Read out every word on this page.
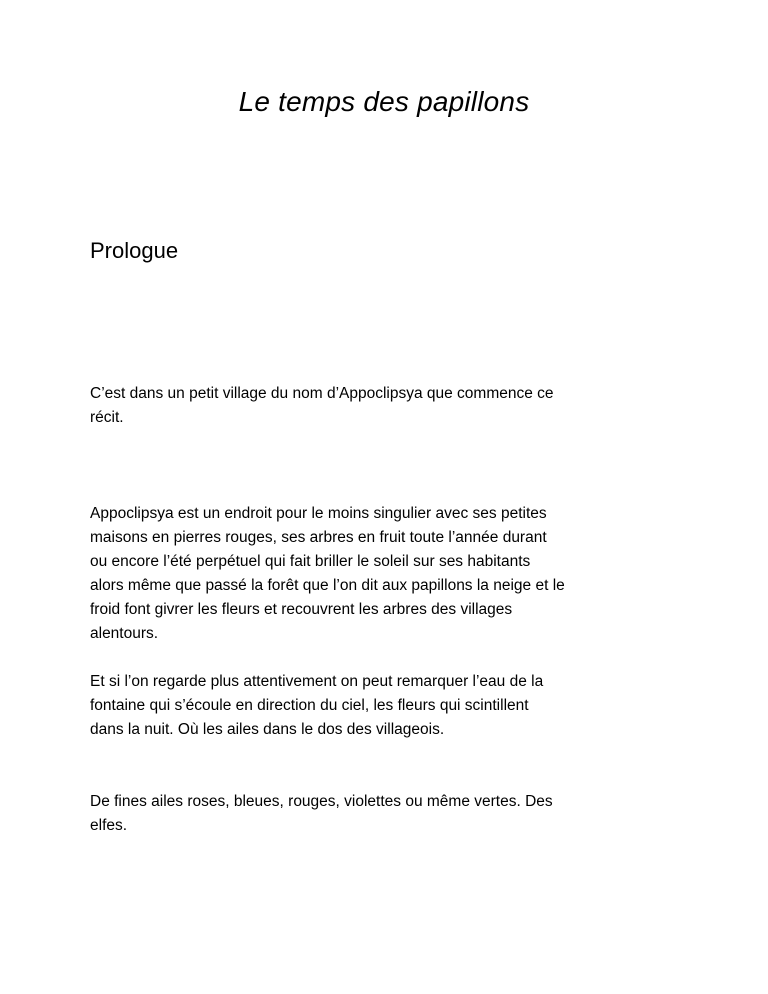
Le temps des papillons
Prologue

C’est dans un petit village du nom d’Appoclipsya que commence ce
récit.

Appoclipsya est un endroit pour le moins singulier avec ses petites
maisons en pierres rouges, ses arbres en fruit toute l’année durant
ou encore l’été perpétuel qui fait briller le soleil sur ses habitants
alors même que passé la forêt que l’on dit aux papillons la neige et le
froid font givrer les fleurs et recouvrent les arbres des villages
alentours.

Et si l’on regarde plus attentivement on peut remarquer l’eau de la
fontaine qui s’écoule en direction du ciel, les fleurs qui scintillent
dans la nuit. Où les ailes dans le dos des villageois.

De fines ailes roses, bleues, rouges, violettes ou même vertes. Des
elfes.
